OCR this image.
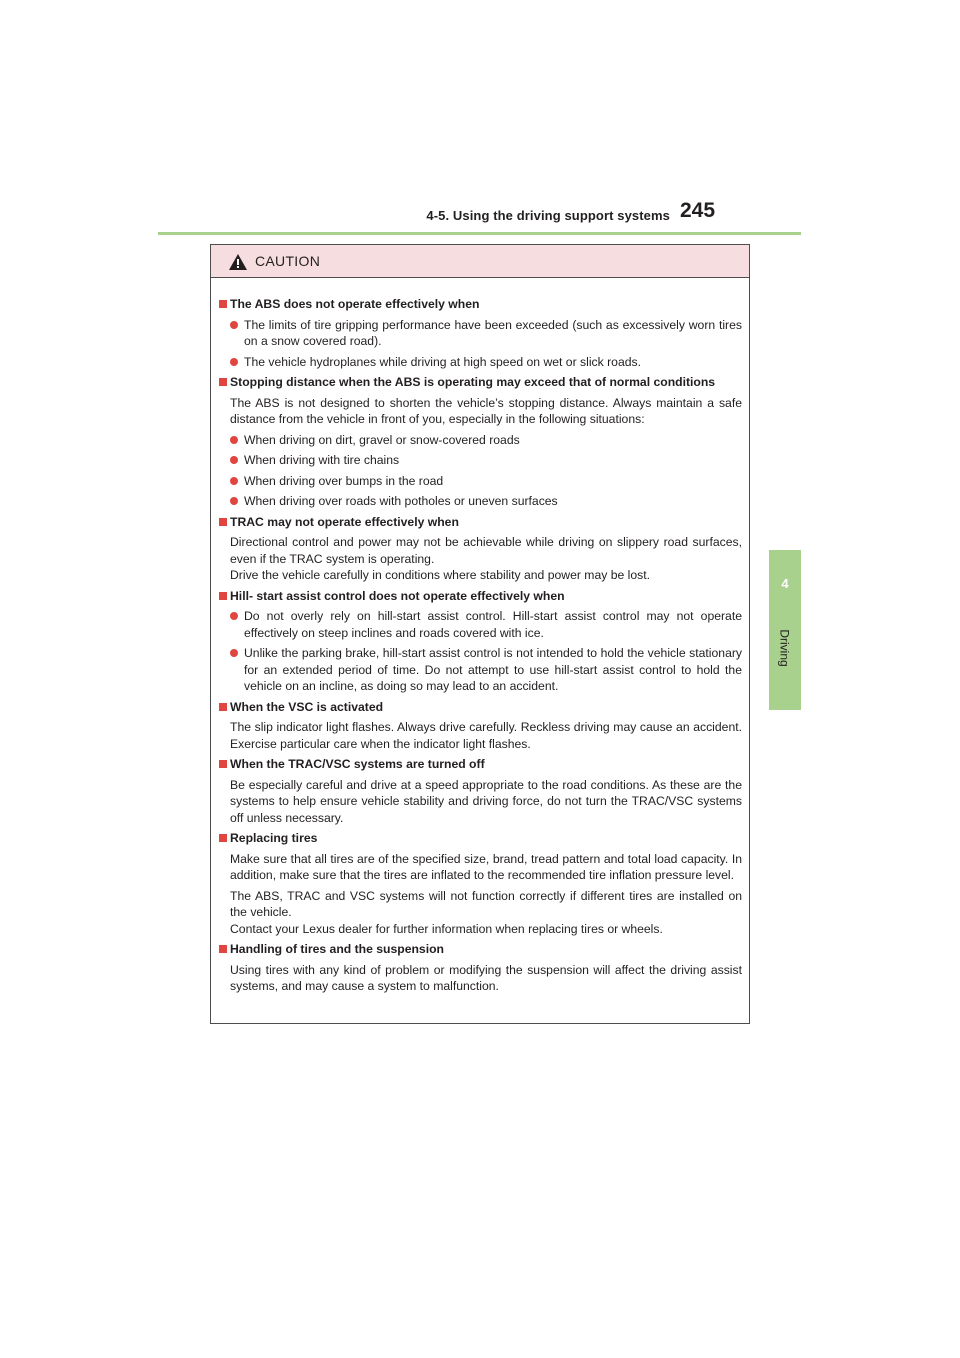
4-5. Using the driving support systems 245
4
Driving
CAUTION
The ABS does not operate effectively when
The limits of tire gripping performance have been exceeded (such as excessively worn tires on a snow covered road).
The vehicle hydroplanes while driving at high speed on wet or slick roads.
Stopping distance when the ABS is operating may exceed that of normal conditions
The ABS is not designed to shorten the vehicle’s stopping distance. Always maintain a safe distance from the vehicle in front of you, especially in the following situations:
When driving on dirt, gravel or snow-covered roads
When driving with tire chains
When driving over bumps in the road
When driving over roads with potholes or uneven surfaces
TRAC may not operate effectively when
Directional control and power may not be achievable while driving on slippery road surfaces, even if the TRAC system is operating.
Drive the vehicle carefully in conditions where stability and power may be lost.
Hill- start assist control does not operate effectively when
Do not overly rely on hill-start assist control. Hill-start assist control may not operate effectively on steep inclines and roads covered with ice.
Unlike the parking brake, hill-start assist control is not intended to hold the vehicle stationary for an extended period of time. Do not attempt to use hill-start assist control to hold the vehicle on an incline, as doing so may lead to an accident.
When the VSC is activated
The slip indicator light flashes. Always drive carefully. Reckless driving may cause an accident. Exercise particular care when the indicator light flashes.
When the TRAC/VSC systems are turned off
Be especially careful and drive at a speed appropriate to the road conditions. As these are the systems to help ensure vehicle stability and driving force, do not turn the TRAC/VSC systems off unless necessary.
Replacing tires
Make sure that all tires are of the specified size, brand, tread pattern and total load capacity. In addition, make sure that the tires are inflated to the recommended tire inflation pressure level.
The ABS, TRAC and VSC systems will not function correctly if different tires are installed on the vehicle.
Contact your Lexus dealer for further information when replacing tires or wheels.
Handling of tires and the suspension
Using tires with any kind of problem or modifying the suspension will affect the driving assist systems, and may cause a system to malfunction.
